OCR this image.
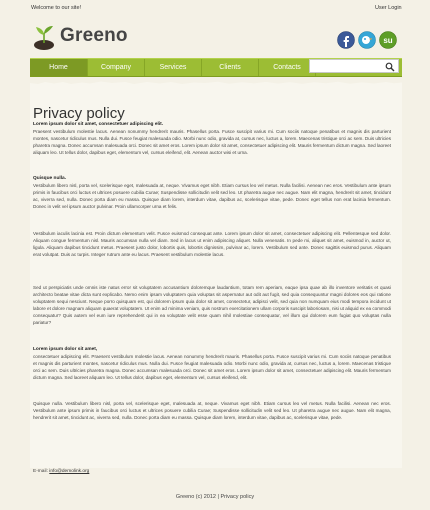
Welcome to our site!	User Login
Greeno	su
Home	Company	Services	Clients	Contacts
Privacy policy
Lorem ipsum dolor sit amet, consectetuer adipiscing elit.
Praesent vestibulum molestie lacus. Aenean nonummy hendrerit mauris. Phasellus porta. Fusce suscipit varius mi. Cum sociis natoque penatibus et magnis dis parturient montes, nascetur ridiculus mus. Nulla dui. Fusce feugiat malesuada odio. Morbi nunc odio, gravida at, cursus nec, luctus a, lorem. Maecenas tristique orci ac sem. Duis ultricies pharetra magna. Donec accumsan malesuada orci. Donec sit amet eros. Lorem ipsum dolor sit amet, consectetuer adipiscing elit. Mauris fermentum dictum magna. Sed laoreet aliquam leo. Ut tellus dolor, dapibus eget, elementum vel, cursus eleifend, elit. Aenean auctor wisi et urna.
Quisque nulla.
Vestibulum libero nisl, porta vel, scelerisque eget, malesuada at, neque. Vivamus eget nibh. Etiam cursus leo vel metus. Nulla facilisi. Aenean nec eros. Vestibulum ante ipsum primis in faucibus orci luctus et ultrices posuere cubilia Curae; Suspendisse sollicitudin velit sed leo. Ut pharetra augue nec augue. Nam elit magna, hendrerit sit amet, tincidunt ac, viverra sed, nulla. Donec porta diam eu massa. Quisque diam lorem, interdum vitae, dapibus ac, scelerisque vitae, pede. Donec eget tellus non erat lacinia fermentum. Donec in velit vel ipsum auctor pulvinar. Proin ullamcorper urna et felis.
Vestibulum iaculis lacinia est. Proin dictum elementum velit. Fusce euismod consequat ante. Lorem ipsum dolor sit amet, consectetuer adipiscing elit. Pellentesque sed dolor. Aliquam congue fermentum nisl. Mauris accumsan nulla vel diam. Sed in lacus ut enim adipiscing aliquet. Nulla venenatis. In pede mi, aliquet sit amet, euismod in, auctor ut, ligula. Aliquam dapibus tincidunt metus. Praesent justo dolor, lobortis quis, lobortis dignissim, pulvinar ac, lorem. Vestibulum sed ante. Donec sagittis euismod purus. Aliquam erat volutpat. Duis ac turpis. Integer rutrum ante eu lacus. Praesent vestibulum molestie lacus.
Sed ut perspiciatis unde omnis iste natus error sit voluptatem accusantium doloremque laudantium, totam rem aperiam, eaque ipsa quae ab illo inventore veritatis et quasi architecto beatae vitae dicta sunt explicabo. Nemo enim ipsam voluptatem quia voluptas sit aspernatur aut odit aut fugit, sed quia consequuntur magni dolores eos qui ratione voluptatem sequi nesciunt. Neque porro quisquam est, qui dolorem ipsum quia dolor sit amet, consectetur, adipisci velit, sed quia non numquam eius modi tempora incidunt ut labore et dolore magnam aliquam quaerat voluptatem. Ut enim ad minima veniam, quis nostrum exercitationem ullam corporis suscipit laboriosam, nisi ut aliquid ex ea commodi consequatur? Quis autem vel eum iure reprehenderit qui in ea voluptate velit esse quam nihil molestiae consequatur, vel illum qui dolorem eum fugiat quo voluptas nulla pariatur?
Lorem ipsum dolor sit amet,
consectetuer adipiscing elit. Praesent vestibulum molestie lacus. Aenean nonummy hendrerit mauris. Phasellus porta. Fusce suscipit varius mi. Cum sociis natoque penatibus et magnis dis parturient montes, nascetur ridiculus mus. Nulla dui. Fusce feugiat malesuada odio. Morbi nunc odio, gravida at, cursus nec, luctus a, lorem. Maecenas tristique orci ac sem. Duis ultricies pharetra magna. Donec accumsan malesuada orci. Donec sit amet eros. Lorem ipsum dolor sit amet, consectetuer adipiscing elit. Mauris fermentum dictum magna. Sed laoreet aliquam leo. Ut tellus dolor, dapibus eget, elementum vel, cursus eleifend, elit.
Quisque nulla. Vestibulum libero nisl, porta vel, scelerisque eget, malesuada at, neque. Vivamus eget nibh. Etiam cursus leo vel metus. Nulla facilisi. Aenean nec eros. Vestibulum ante ipsum primis in faucibus orci luctus et ultrices posuere cubilia Curae; Suspendisse sollicitudin velit sed leo. Ut pharetra augue nec augue. Nam elit magna, hendrerit sit amet, tincidunt ac, viverra sed, nulla. Donec porta diam eu massa. Quisque diam lorem, interdum vitae, dapibus ac, scelerisque vitae, pede.
E-mail: info@demolink.org
Greeno (c) 2012 | Privacy policy
